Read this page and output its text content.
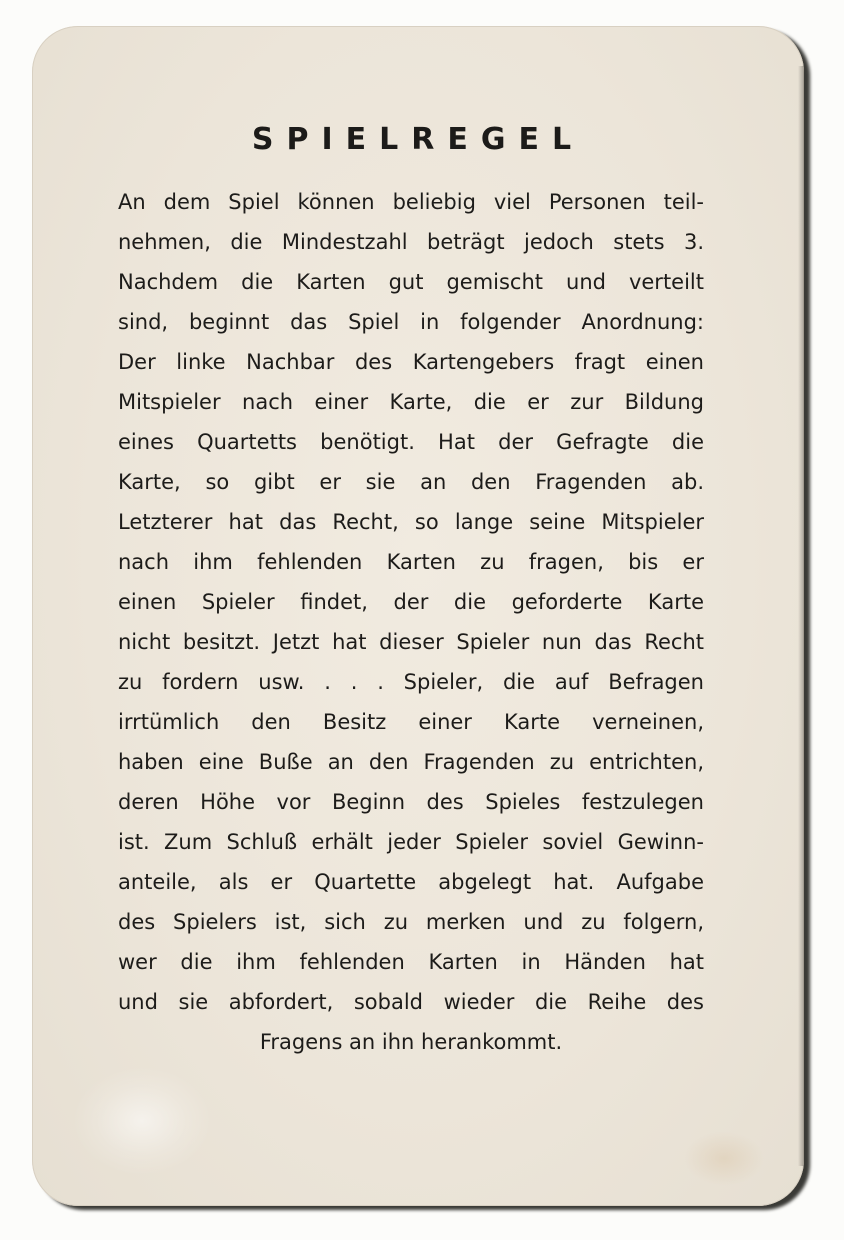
SPIELREGEL
An dem Spiel können beliebig viel Personen teil-
nehmen, die Mindestzahl beträgt jedoch stets 3.
Nachdem die Karten gut gemischt und verteilt
sind, beginnt das Spiel in folgender Anordnung:
Der linke Nachbar des Kartengebers fragt einen
Mitspieler nach einer Karte, die er zur Bildung
eines Quartetts benötigt. Hat der Gefragte die
Karte, so gibt er sie an den Fragenden ab.
Letzterer hat das Recht, so lange seine Mitspieler
nach ihm fehlenden Karten zu fragen, bis er
einen Spieler findet, der die geforderte Karte
nicht besitzt. Jetzt hat dieser Spieler nun das Recht
zu fordern usw. . . . Spieler, die auf Befragen
irrtümlich den Besitz einer Karte verneinen,
haben eine Buße an den Fragenden zu entrichten,
deren Höhe vor Beginn des Spieles festzulegen
ist. Zum Schluß erhält jeder Spieler soviel Gewinn-
anteile, als er Quartette abgelegt hat. Aufgabe
des Spielers ist, sich zu merken und zu folgern,
wer die ihm fehlenden Karten in Händen hat
und sie abfordert, sobald wieder die Reihe des
Fragens an ihn herankommt.
